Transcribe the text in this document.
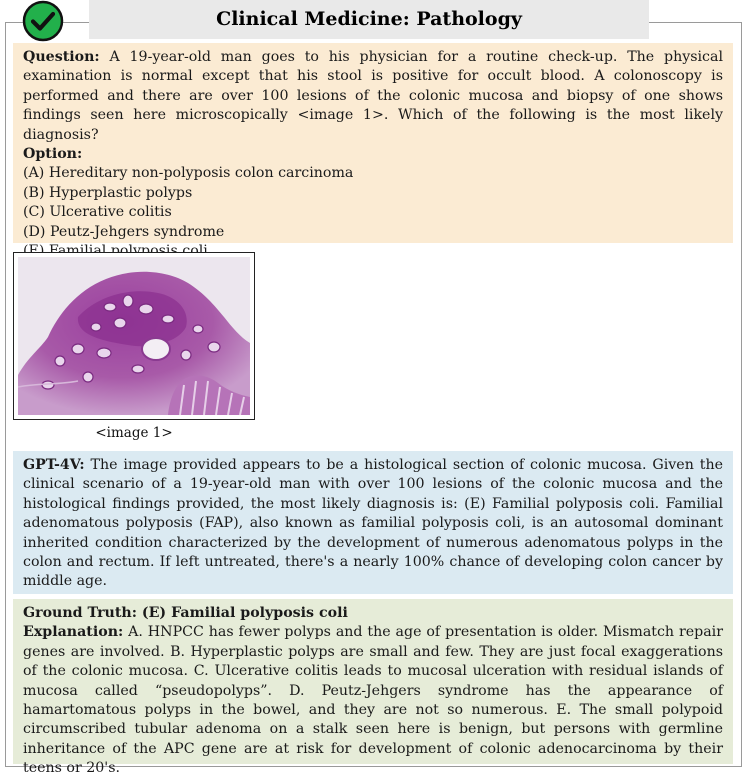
Clinical Medicine: Pathology
Question: A 19-year-old man goes to his physician for a routine check-up. The physical examination is normal except that his stool is positive for occult blood. A colonoscopy is performed and there are over 100 lesions of the colonic mucosa and biopsy of one shows findings seen here microscopically <image 1>. Which of the following is the most likely diagnosis?
Option:
(A) Hereditary non-polyposis colon carcinoma
(B) Hyperplastic polyps
(C) Ulcerative colitis
(D) Peutz-Jehgers syndrome
<image 1>
GPT-4V: The image provided appears to be a histological section of colonic mucosa. Given the clinical scenario of a 19-year-old man with over 100 lesions of the colonic mucosa and the histological findings provided, the most likely diagnosis is: (E) Familial polyposis coli. Familial adenomatous polyposis (FAP), also known as familial polyposis coli, is an autosomal dominant inherited condition characterized by the development of numerous adenomatous polyps in the colon and rectum. If left untreated, there's a nearly 100% chance of developing colon cancer by middle age.
Ground Truth: (E) Familial polyposis coli
Explanation: A. HNPCC has fewer polyps and the age of presentation is older. Mismatch repair genes are involved. B. Hyperplastic polyps are small and few. They are just focal exaggerations of the colonic mucosa. C. Ulcerative colitis leads to mucosal ulceration with residual islands of mucosa called “pseudopolyps”. D. Peutz-Jehgers syndrome has the appearance of hamartomatous polyps in the bowel, and they are not so numerous. E. The small polypoid circumscribed tubular adenoma on a stalk seen here is benign, but persons with germline inheritance of the APC gene are at risk for development of colonic adenocarcinoma by their teens or 20's.
